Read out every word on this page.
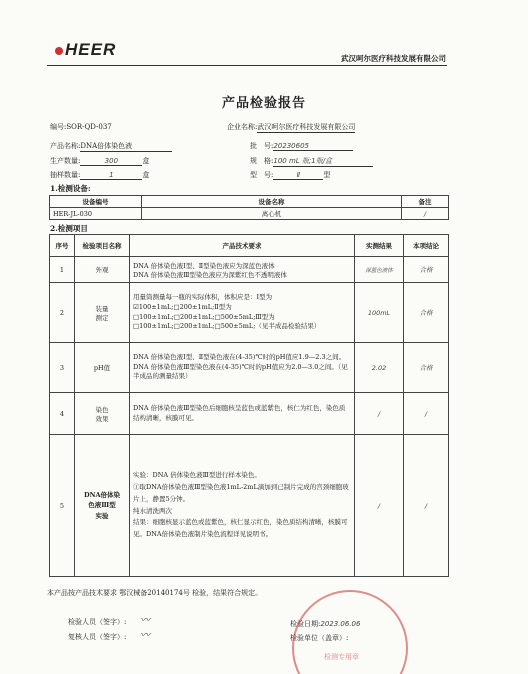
HEER	武汉呵尔医疗科技发展有限公司
产品检验报告
编号:SOR-QD-037	企业名称:武汉呵尔医疗科技发展有限公司
产品名称:DNA倍体染色液	批　号:20230605
生产数量:	300	盒	规　格:100 mL 瓶;1瓶/盒
抽样数量:	1	盒	型　号:	Ⅱ	型
1.检测设备:
设备编号	设备名称	备注
HER-JL-030	离心机	/
2.检测项目
序号	检验项目名称	产品技术要求	实测结果	本项结论
1	外观	DNA 倍体染色液Ⅰ型、Ⅱ型染色液应为深蓝色液体
DNA 倍体染色液Ⅲ型染色液应为深紫红色不透明液体	深蓝色液体	合格
2	装量
测定	用量筒测量每一瓶的实际体积，体积应是：Ⅰ型为☑100±1mL;□200±1mL;Ⅱ型为□100±1mL;□200±1mL;□500±5mL;Ⅲ型为□100±1mL;□200±1mL;□500±5mL;（见半成品检验结果）	100mL	合格
3	pH值	DNA 倍体染色液Ⅰ型、Ⅱ型染色液在(4-35)℃时的pH值应1.9—2.3之间。
DNA 倍体染色液Ⅲ型染色液在(4-35)℃时的pH值应为2.0—3.0之间。（见半成品的测量结果）	2.02	合格
4	染色
效果	DNA 倍体染色液Ⅲ型染色后细胞核呈蓝色或蓝紫色，核仁为红色，染色质结构清晰，核膜可见。	/	/
5	DNA倍体染
色液Ⅲ型
实验	实验：DNA 倍体染色液Ⅲ型进行样本染色。
①取DNA倍体染色液Ⅲ型染色液1mL-2mL滴加到已制片完成的宫颈细胞玻片上，静置5分钟。
纯水清洗两次
结果：细胞核显示蓝色或蓝紫色，核仁显示红色，染色质结构清晰，核膜可见。DNA倍体染色液制片染色流程详见说明书。	/	/
本产品按产品技术要求 鄂汉械备20140174号 检验，结果符合规定。
检验人员（签字）: 〰
复核人员（签字）: 〰
检验日期:2023.06.06
检验单位（盖章）:
检测专用章
